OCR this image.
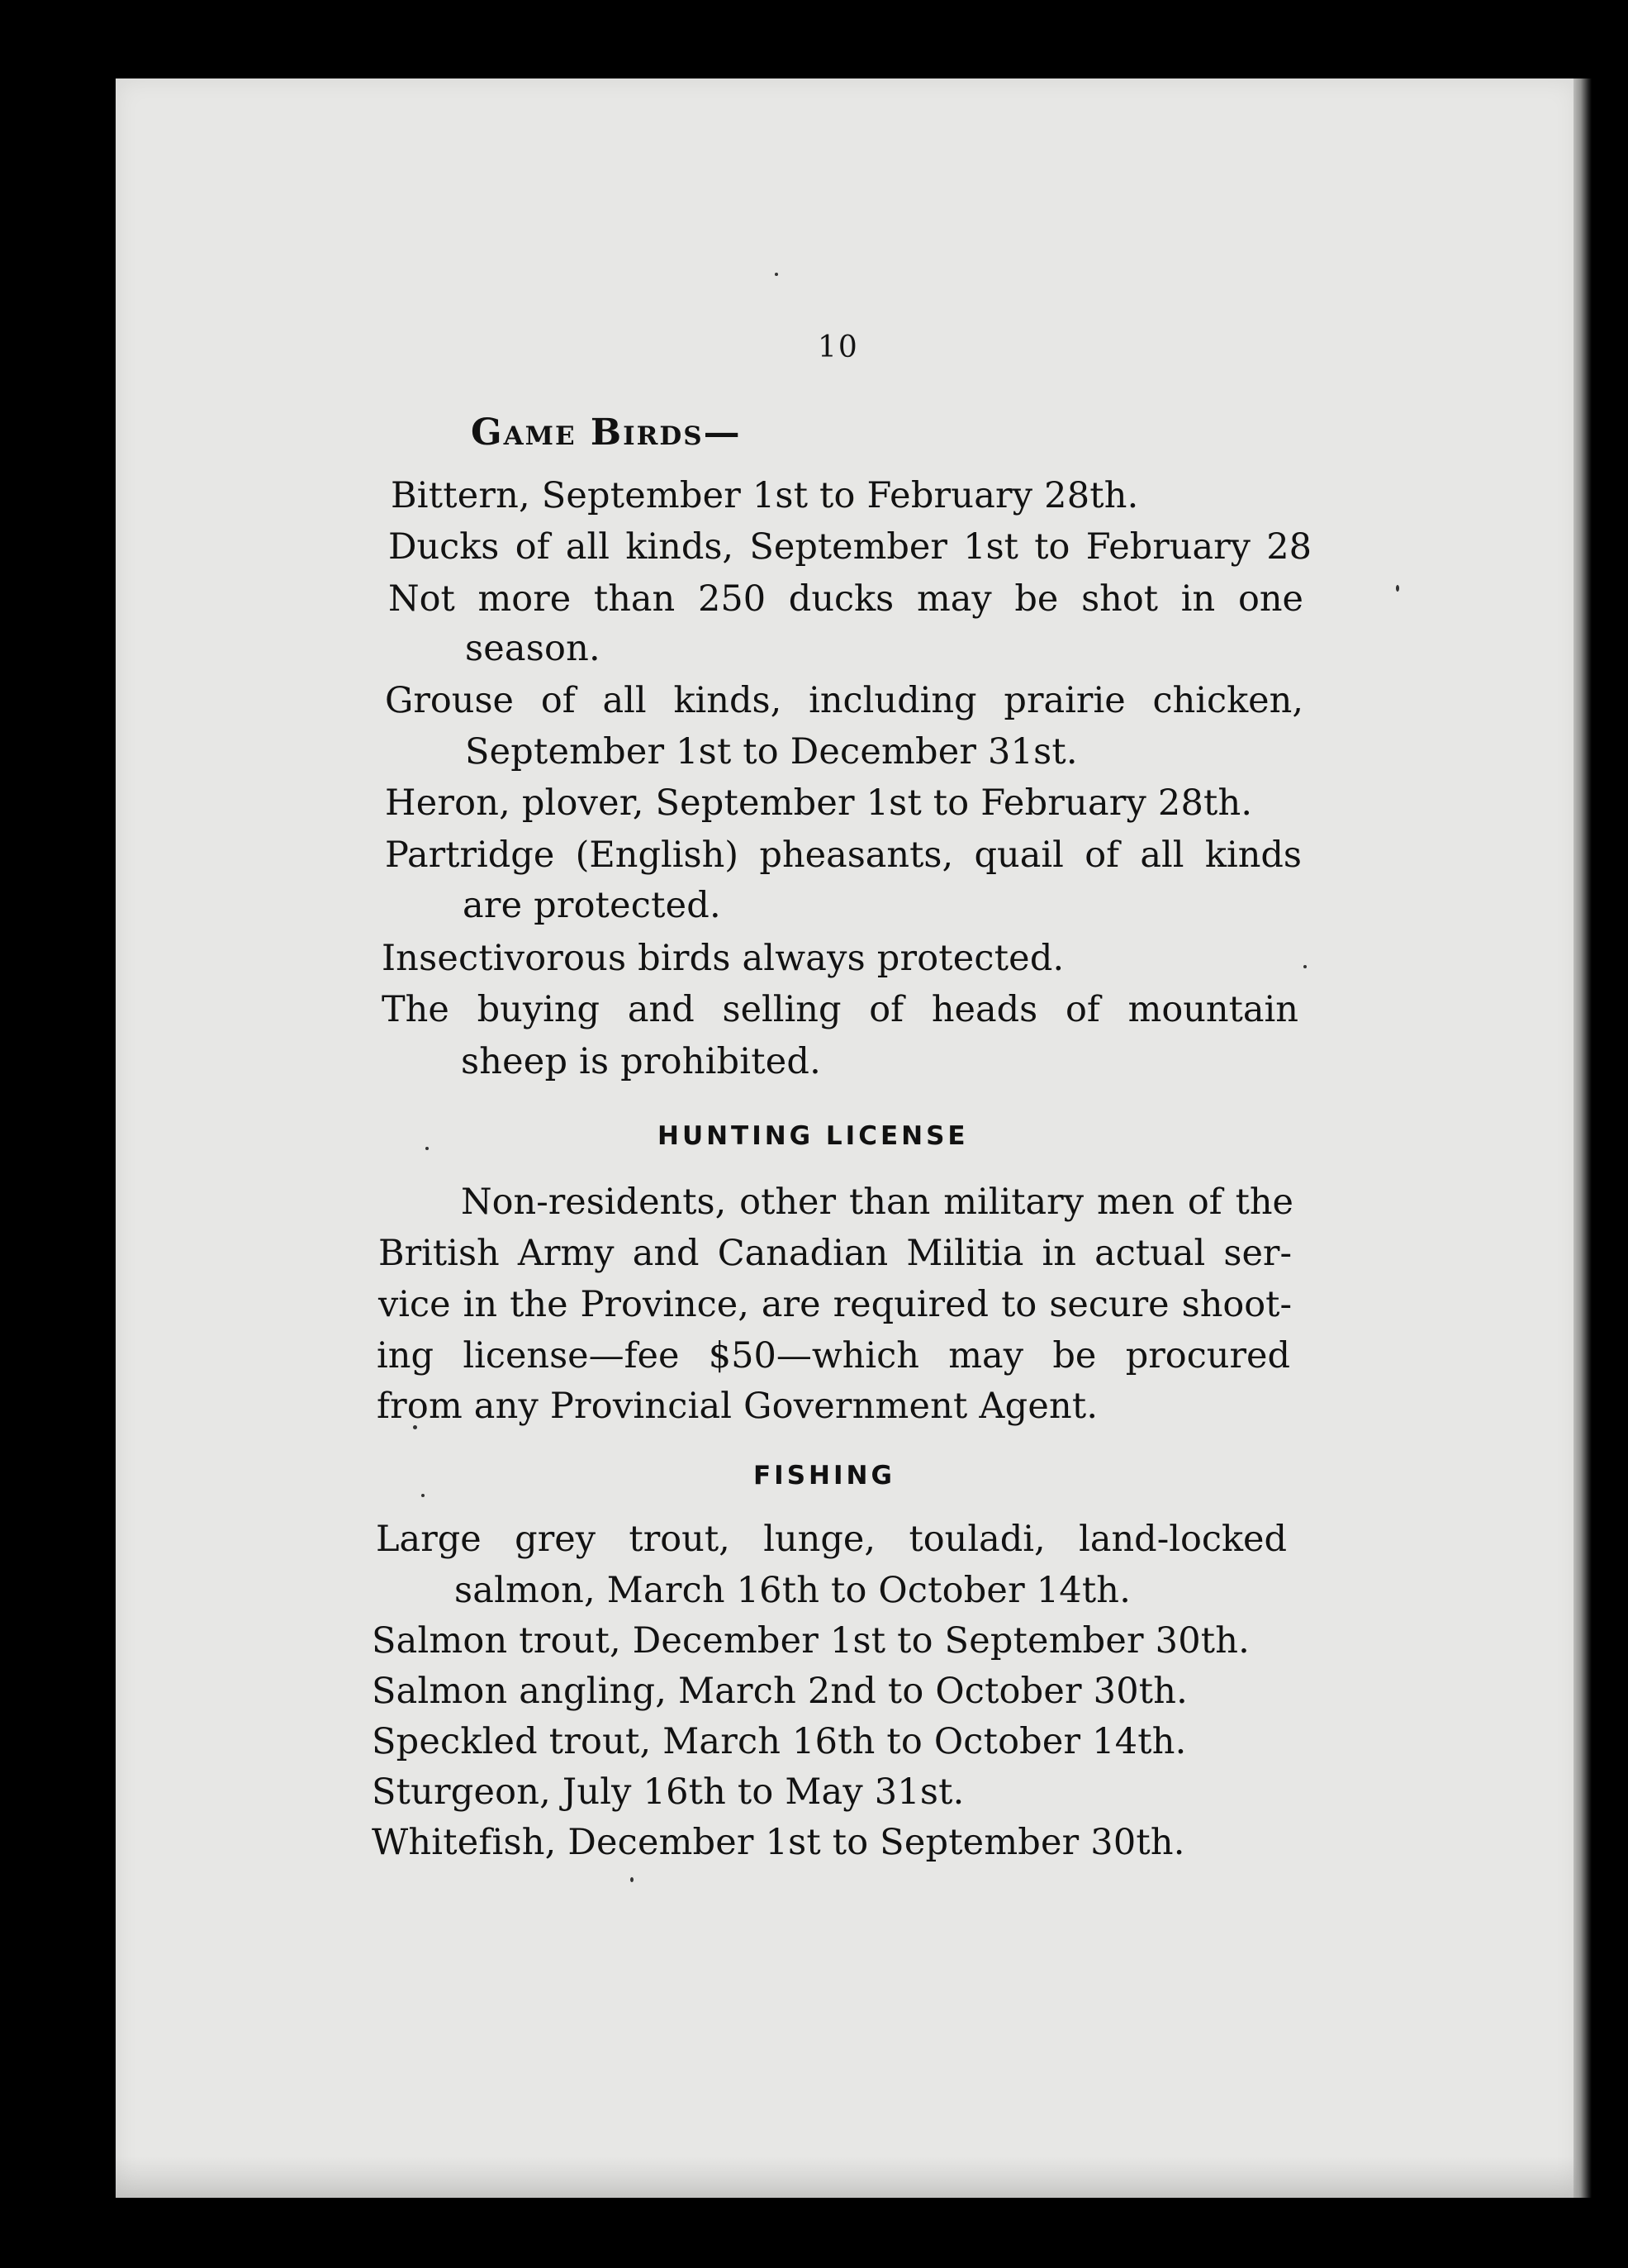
10
Game Birds—
Bittern, September 1st to February 28th.
Ducks of all kinds, September 1st to February 28
Not more than 250 ducks may be shot in one
season.
Grouse of all kinds, including prairie chicken,
September 1st to December 31st.
Heron, plover, September 1st to February 28th.
Partridge (English) pheasants, quail of all kinds
are protected.
Insectivorous birds always protected.
The buying and selling of heads of mountain
sheep is prohibited.
HUNTING LICENSE
Non-residents, other than military men of the
British Army and Canadian Militia in actual ser-
vice in the Province, are required to secure shoot-
ing license—fee $50—which may be procured
from any Provincial Government Agent.
FISHING
Large grey trout, lunge, touladi, land-locked
salmon, March 16th to October 14th.
Salmon trout, December 1st to September 30th.
Salmon angling, March 2nd to October 30th.
Speckled trout, March 16th to October 14th.
Sturgeon, July 16th to May 31st.
Whitefish, December 1st to September 30th.
